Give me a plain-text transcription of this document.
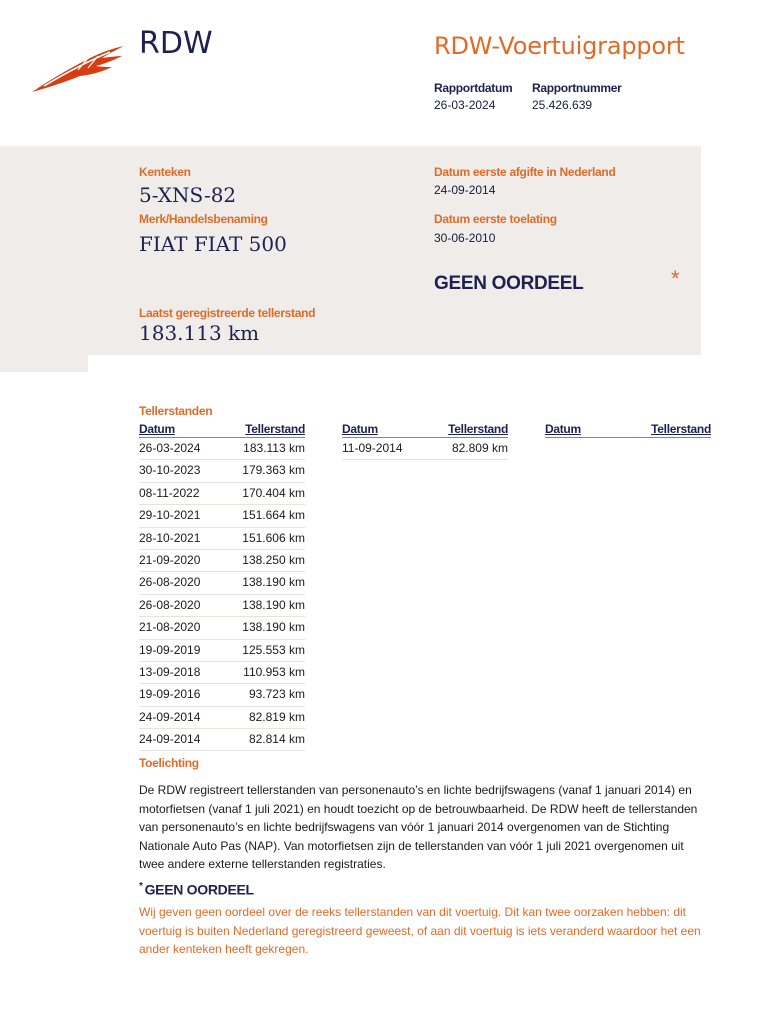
RDW	RDW-Voertuigrapport
Rapportdatum Rapportnummer
26-03-2024	25.426.639
Kenteken
5-XNS-82
Merk/Handelsbenaming
FIAT FIAT 500
Laatst geregistreerde tellerstand
183.113 km
Datum eerste afgifte in Nederland
24-09-2014
Datum eerste toelating
30-06-2010
GEEN OORDEEL	*
Tellerstanden
Datum	Tellerstand
26-03-2024	183.113 km
30-10-2023	179.363 km
08-11-2022	170.404 km
29-10-2021	151.664 km
28-10-2021	151.606 km
21-09-2020	138.250 km
26-08-2020	138.190 km
26-08-2020	138.190 km
21-08-2020	138.190 km
19-09-2019	125.553 km
13-09-2018	110.953 km
19-09-2016	93.723 km
24-09-2014	82.819 km
24-09-2014	82.814 km
Datum	Tellerstand
11-09-2014	82.809 km
Datum	Tellerstand
Toelichting
De RDW registreert tellerstanden van personenauto’s en lichte bedrijfswagens (vanaf 1 januari 2014) en motorfietsen (vanaf 1 juli 2021) en houdt toezicht op de betrouwbaarheid. De RDW heeft de tellerstanden van personenauto’s en lichte bedrijfswagens van vóór 1 januari 2014 overgenomen van de Stichting Nationale Auto Pas (NAP). Van motorfietsen zijn de tellerstanden van vóór 1 juli 2021 overgenomen uit twee andere externe tellerstanden registraties.
* GEEN OORDEEL
Wij geven geen oordeel over de reeks tellerstanden van dit voertuig. Dit kan twee oorzaken hebben: dit voertuig is buiten Nederland geregistreerd geweest, of aan dit voertuig is iets veranderd waardoor het een ander kenteken heeft gekregen.
